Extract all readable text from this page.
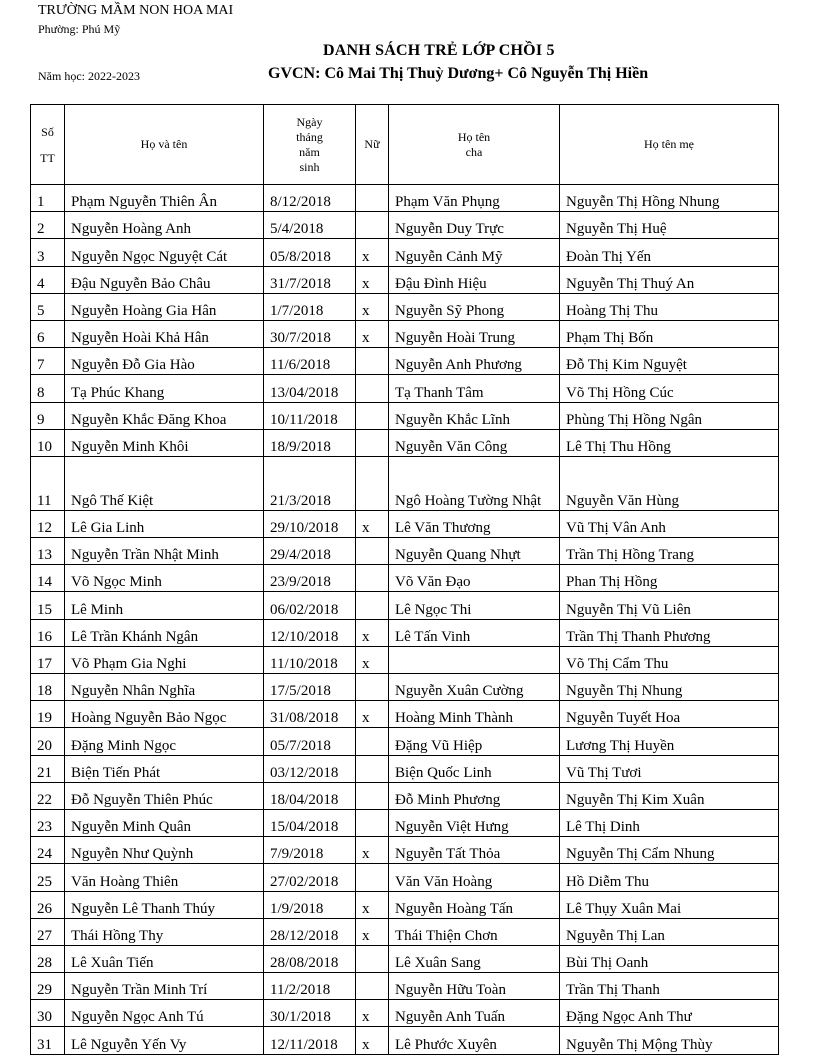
TRƯỜNG MẦM NON HOA MAI
Phường: Phú Mỹ
DANH SÁCH TRẺ LỚP CHỒI 5
GVCN: Cô Mai Thị Thuỳ Dương+ Cô Nguyễn Thị Hiền
Năm học: 2022-2023
Số
TT	Họ và tên	Ngày
tháng
năm
sinh	Nữ	Họ tên
cha	Họ tên mẹ
1	Phạm Nguyễn Thiên Ân	8/12/2018		Phạm Văn Phụng	Nguyễn Thị Hồng Nhung
2	Nguyễn Hoàng Anh	5/4/2018		Nguyễn Duy Trực	Nguyễn Thị Huệ
3	Nguyễn Ngọc Nguyệt Cát	05/8/2018	x	Nguyễn Cảnh Mỹ	Đoàn Thị Yến
4	Đậu Nguyễn Bảo Châu	31/7/2018	x	Đậu Đình Hiệu	Nguyễn Thị Thuý An
5	Nguyễn Hoàng Gia Hân	1/7/2018	x	Nguyễn Sỹ Phong	Hoàng Thị Thu
6	Nguyễn Hoài Khả Hân	30/7/2018	x	Nguyễn Hoài Trung	Phạm Thị Bốn
7	Nguyễn Đỗ Gia Hào	11/6/2018		Nguyễn Anh Phương	Đỗ Thị Kim Nguyệt
8	Tạ Phúc Khang	13/04/2018		Tạ Thanh Tâm	Võ Thị Hồng Cúc
9	Nguyễn Khắc Đăng Khoa	10/11/2018		Nguyễn Khắc Lĩnh	Phùng Thị Hồng Ngân
10	Nguyễn Minh Khôi	18/9/2018		Nguyễn Văn Công	Lê Thị Thu Hồng
11	Ngô Thế Kiệt	21/3/2018		Ngô Hoàng Tường Nhật	Nguyễn Văn Hùng
12	Lê Gia Linh	29/10/2018	x	Lê Văn Thương	Vũ Thị Vân Anh
13	Nguyễn Trần Nhật Minh	29/4/2018		Nguyễn Quang Nhựt	Trần Thị Hồng Trang
14	Võ Ngọc Minh	23/9/2018		Võ Văn Đạo	Phan Thị Hồng
15	Lê Minh	06/02/2018		Lê Ngọc Thi	Nguyễn Thị Vũ Liên
16	Lê Trần Khánh Ngân	12/10/2018	x	Lê Tấn Vinh	Trần Thị Thanh Phương
17	Võ Phạm Gia Nghi	11/10/2018	x		Võ Thị Cẩm Thu
18	Nguyễn Nhân Nghĩa	17/5/2018		Nguyễn Xuân Cường	Nguyễn Thị Nhung
19	Hoàng Nguyễn Bảo Ngọc	31/08/2018	x	Hoàng Minh Thành	Nguyễn Tuyết Hoa
20	Đặng Minh Ngọc	05/7/2018		Đặng Vũ Hiệp	Lương Thị Huyền
21	Biện Tiến Phát	03/12/2018		Biện Quốc Linh	Vũ Thị Tươi
22	Đỗ Nguyễn Thiên Phúc	18/04/2018		Đỗ Minh Phương	Nguyễn Thị Kim Xuân
23	Nguyễn Minh Quân	15/04/2018		Nguyễn Việt Hưng	Lê Thị Dinh
24	Nguyễn Như Quỳnh	7/9/2018	x	Nguyễn Tất Thỏa	Nguyễn Thị Cẩm Nhung
25	Văn Hoàng Thiên	27/02/2018		Văn Văn Hoàng	Hồ Diễm Thu
26	Nguyễn Lê Thanh Thúy	1/9/2018	x	Nguyễn Hoàng Tấn	Lê Thụy Xuân Mai
27	Thái Hồng Thy	28/12/2018	x	Thái Thiện Chơn	Nguyễn Thị Lan
28	Lê Xuân Tiến	28/08/2018		Lê Xuân Sang	Bùi Thị Oanh
29	Nguyễn Trần Minh Trí	11/2/2018		Nguyễn Hữu Toàn	Trần Thị Thanh
30	Nguyễn Ngọc Anh Tú	30/1/2018	x	Nguyễn Anh Tuấn	Đặng Ngọc Anh Thư
31	Lê Nguyễn Yến Vy	12/11/2018	x	Lê Phước Xuyên	Nguyễn Thị Mộng Thùy
